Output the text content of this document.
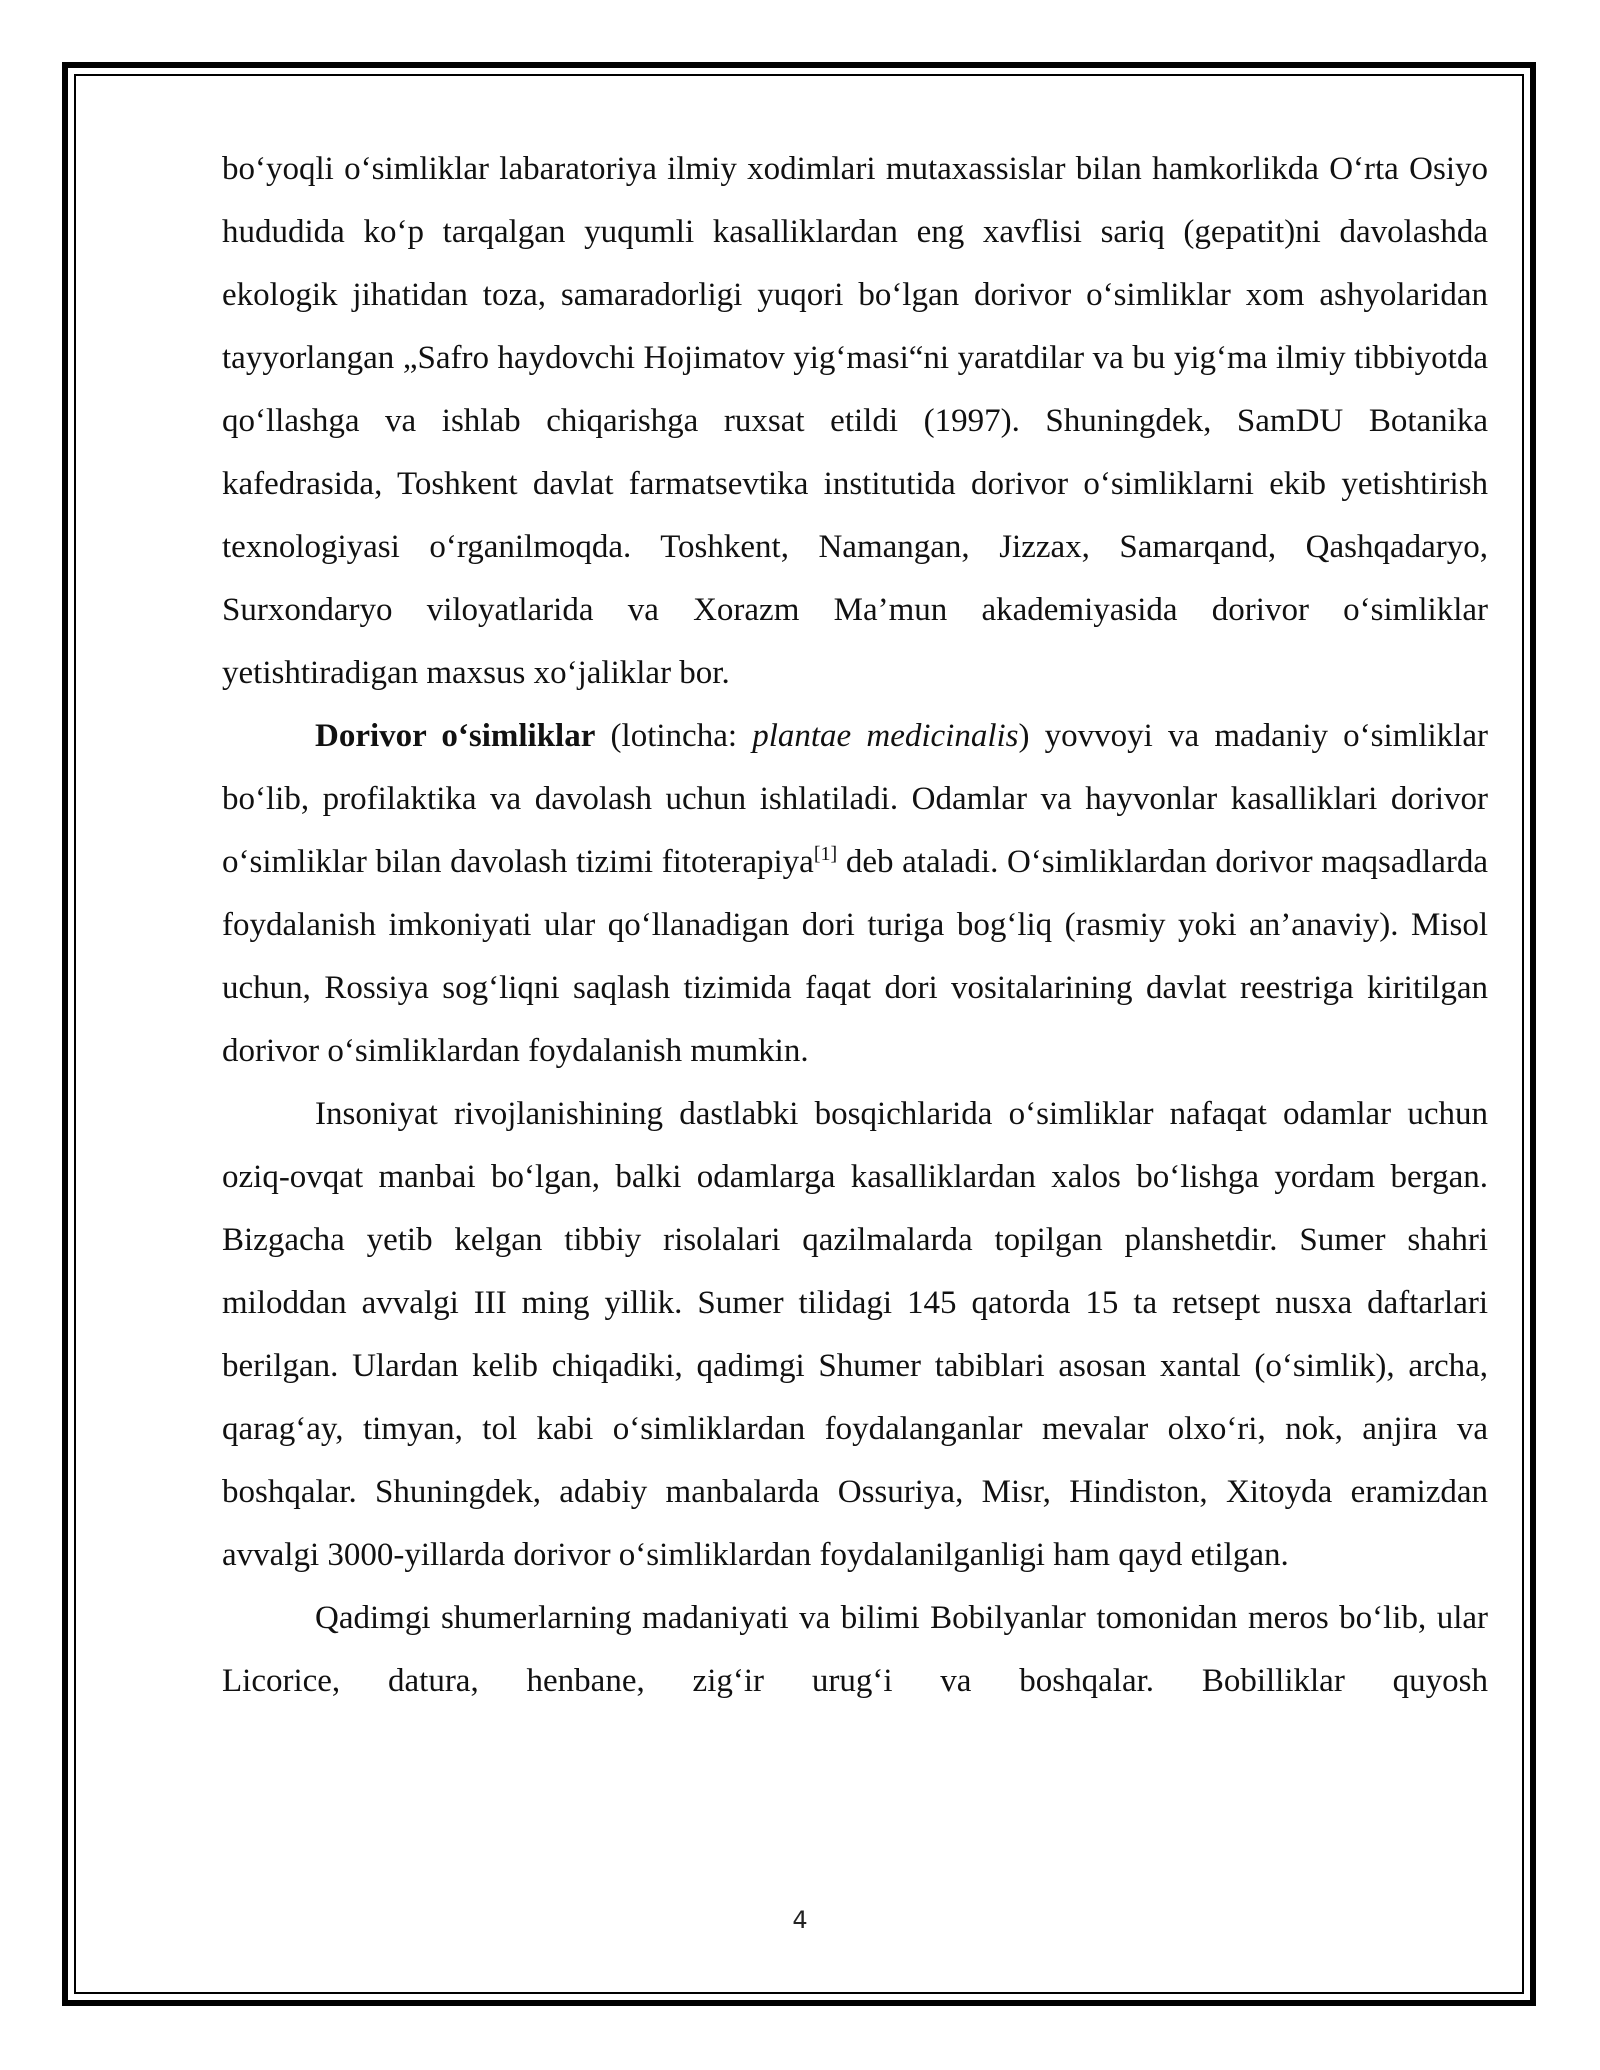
bo‘yoqli o‘simliklar labaratoriya ilmiy xodimlari mutaxassislar bilan hamkorlikda O‘rta Osiyo hududida ko‘p tarqalgan yuqumli kasalliklardan eng xavflisi sariq (gepatit)ni davolashda ekologik jihatidan toza, samaradorligi yuqori bo‘lgan dorivor o‘simliklar xom ashyolaridan tayyorlangan „Safro haydovchi Hojimatov yig‘masi“ni yaratdilar va bu yig‘ma ilmiy tibbiyotda qo‘llashga va ishlab chiqarishga ruxsat etildi (1997). Shuningdek, SamDU Botanika kafedrasida, Toshkent davlat farmatsevtika institutida dorivor o‘simliklarni ekib yetishtirish texnologiyasi o‘rganilmoqda. Toshkent, Namangan, Jizzax, Samarqand, Qashqadaryo, Surxondaryo viloyatlarida va Xorazm Ma’mun akademiyasida dorivor o‘simliklar yetishtiradigan maxsus xo‘jaliklar bor.

Dorivor o‘simliklar (lotincha: plantae medicinalis) yovvoyi va madaniy o‘simliklar bo‘lib, profilaktika va davolash uchun ishlatiladi. Odamlar va hayvonlar kasalliklari dorivor o‘simliklar bilan davolash tizimi fitoterapiya[1] deb ataladi. O‘simliklardan dorivor maqsadlarda foydalanish imkoniyati ular qo‘llanadigan dori turiga bog‘liq (rasmiy yoki an’anaviy). Misol uchun, Rossiya sog‘liqni saqlash tizimida faqat dori vositalarining davlat reestriga kiritilgan dorivor o‘simliklardan foydalanish mumkin.

Insoniyat rivojlanishining dastlabki bosqichlarida o‘simliklar nafaqat odamlar uchun oziq-ovqat manbai bo‘lgan, balki odamlarga kasalliklardan xalos bo‘lishga yordam bergan. Bizgacha yetib kelgan tibbiy risolalari qazilmalarda topilgan planshetdir. Sumer shahri miloddan avvalgi III ming yillik. Sumer tilidagi 145 qatorda 15 ta retsept nusxa daftarlari berilgan. Ulardan kelib chiqadiki, qadimgi Shumer tabiblari asosan xantal (o‘simlik), archa, qarag‘ay, timyan, tol kabi o‘simliklardan foydalanganlar mevalar olxo‘ri, nok, anjira va boshqalar. Shuningdek, adabiy manbalarda Ossuriya, Misr, Hindiston, Xitoyda eramizdan avvalgi 3000-yillarda dorivor o‘simliklardan foydalanilganligi ham qayd etilgan.

Qadimgi shumerlarning madaniyati va bilimi Bobilyanlar tomonidan meros bo‘lib, ular Licorice, datura, henbane, zig‘ir urug‘i va boshqalar. Bobilliklar quyosh

4
